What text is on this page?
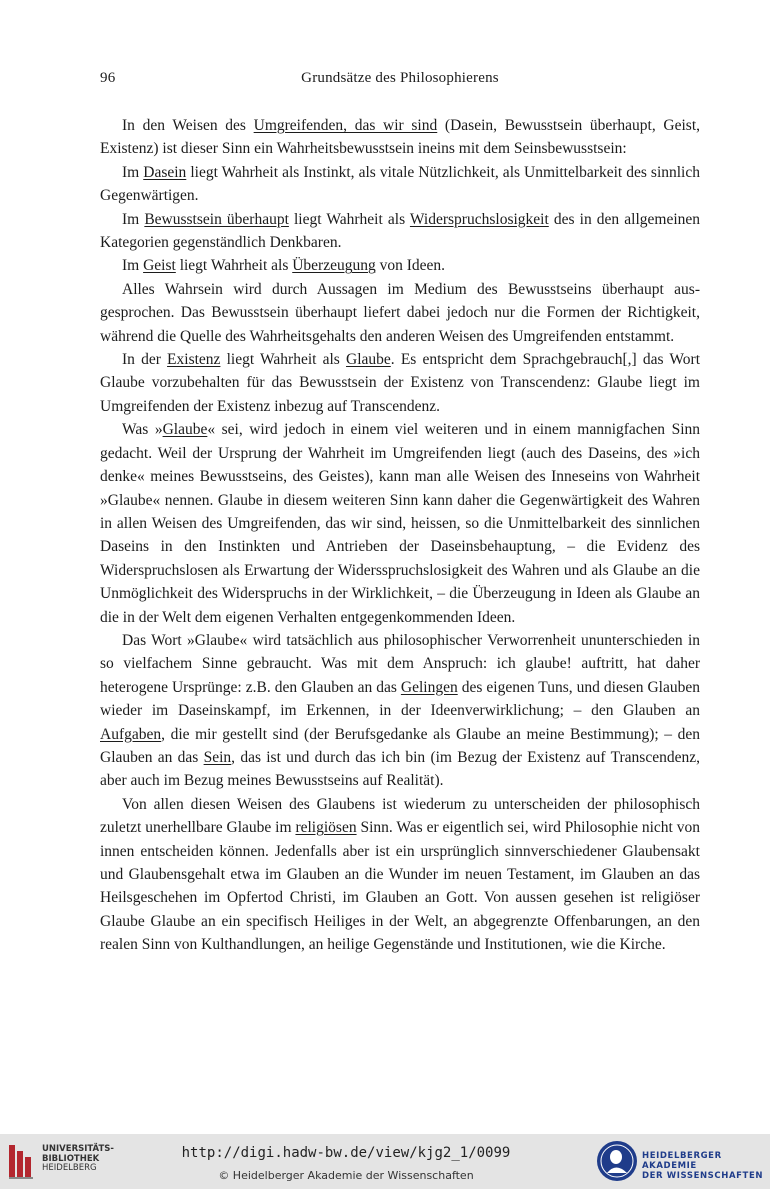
96	Grundsätze des Philosophierens

In den Weisen des Umgreifenden, das wir sind (Dasein, Bewusstsein überhaupt, Geist, Existenz) ist dieser Sinn ein Wahrheitsbewusstsein ineins mit dem Seinsbewusstsein:

Im Dasein liegt Wahrheit als Instinkt, als vitale Nützlichkeit, als Unmittelbarkeit des sinnlich Gegenwärtigen.

Im Bewusstsein überhaupt liegt Wahrheit als Widerspruchslosigkeit des in den allgemeinen Kategorien gegenständlich Denkbaren.

Im Geist liegt Wahrheit als Überzeugung von Ideen.

Alles Wahrsein wird durch Aussagen im Medium des Bewusstseins überhaupt ausgesprochen. Das Bewusstsein überhaupt liefert dabei jedoch nur die Formen der Richtigkeit, während die Quelle des Wahrheitsgehalts den anderen Weisen des Umgreifenden entstammt.

In der Existenz liegt Wahrheit als Glaube. Es entspricht dem Sprachgebrauch[,] das Wort Glaube vorzubehalten für das Bewusstsein der Existenz von Transcendenz: Glaube liegt im Umgreifenden der Existenz inbezug auf Transcendenz.

Was »Glaube« sei, wird jedoch in einem viel weiteren und in einem mannigfachen Sinn gedacht. Weil der Ursprung der Wahrheit im Umgreifenden liegt (auch des Daseins, des »ich denke« meines Bewusstseins, des Geistes), kann man alle Weisen des Inneseins von Wahrheit »Glaube« nennen. Glaube in diesem weiteren Sinn kann daher die Gegenwärtigkeit des Wahren in allen Weisen des Umgreifenden, das wir sind, heissen, so die Unmittelbarkeit des sinnlichen Daseins in den Instinkten und Antrieben der Daseinsbehauptung, – die Evidenz des Widerspruchslosen als Erwartung der Widersspruchslosigkeit des Wahren und als Glaube an die Unmöglichkeit des Widerspruchs in der Wirklichkeit, – die Überzeugung in Ideen als Glaube an die in der Welt dem eigenen Verhalten entgegenkommenden Ideen.

Das Wort »Glaube« wird tatsächlich aus philosophischer Verworrenheit ununterschieden in so vielfachem Sinne gebraucht. Was mit dem Anspruch: ich glaube! auftritt, hat daher heterogene Ursprünge: z.B. den Glauben an das Gelingen des eigenen Tuns, und diesen Glauben wieder im Daseinskampf, im Erkennen, in der Ideenverwirklichung; – den Glauben an Aufgaben, die mir gestellt sind (der Berufsgedanke als Glaube an meine Bestimmung); – den Glauben an das Sein, das ist und durch das ich bin (im Bezug der Existenz auf Transcendenz, aber auch im Bezug meines Bewusstseins auf Realität).

Von allen diesen Weisen des Glaubens ist wiederum zu unterscheiden der philosophisch zuletzt unerhellbare Glaube im religiösen Sinn. Was er eigentlich sei, wird Philosophie nicht von innen entscheiden können. Jedenfalls aber ist ein ursprünglich sinnverschiedener Glaubensakt und Glaubensgehalt etwa im Glauben an die Wunder im neuen Testament, im Glauben an das Heilsgeschehen im Opfertod Christi, im Glauben an Gott. Von aussen gesehen ist religiöser Glaube Glaube an ein specifisch Heiliges in der Welt, an abgegrenzte Offenbarungen, an den realen Sinn von Kulthandlungen, an heilige Gegenstände und Institutionen, wie die Kirche.

UNIVERSITÄTS-
BIBLIOTHEK
HEIDELBERG
http://digi.hadw-bw.de/view/kjg2_1/0099
© Heidelberger Akademie der Wissenschaften
HEIDELBERGER AKADEMIE
DER WISSENSCHAFTEN
